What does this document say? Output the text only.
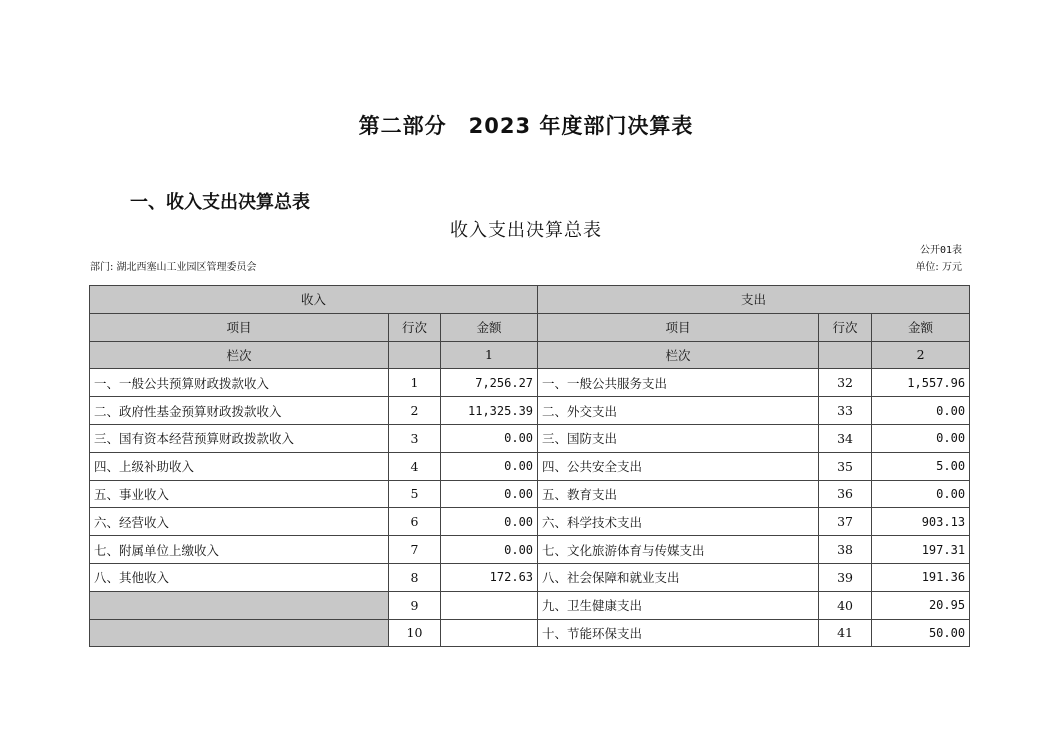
第二部分　2023 年度部门决算表
一、收入支出决算总表
收入支出决算总表
公开01表
部门: 湖北西塞山工业园区管理委员会	单位: 万元
收入			支出		
项目	行次	金额	项目	行次	金额
栏次		1	栏次		2
一、一般公共预算财政拨款收入	1	7,256.27	一、一般公共服务支出	32	1,557.96
二、政府性基金预算财政拨款收入	2	11,325.39	二、外交支出	33	0.00
三、国有资本经营预算财政拨款收入	3	0.00	三、国防支出	34	0.00
四、上级补助收入	4	0.00	四、公共安全支出	35	5.00
五、事业收入	5	0.00	五、教育支出	36	0.00
六、经营收入	6	0.00	六、科学技术支出	37	903.13
七、附属单位上缴收入	7	0.00	七、文化旅游体育与传媒支出	38	197.31
八、其他收入	8	172.63	八、社会保障和就业支出	39	191.36
	9		九、卫生健康支出	40	20.95
	10		十、节能环保支出	41	50.00
